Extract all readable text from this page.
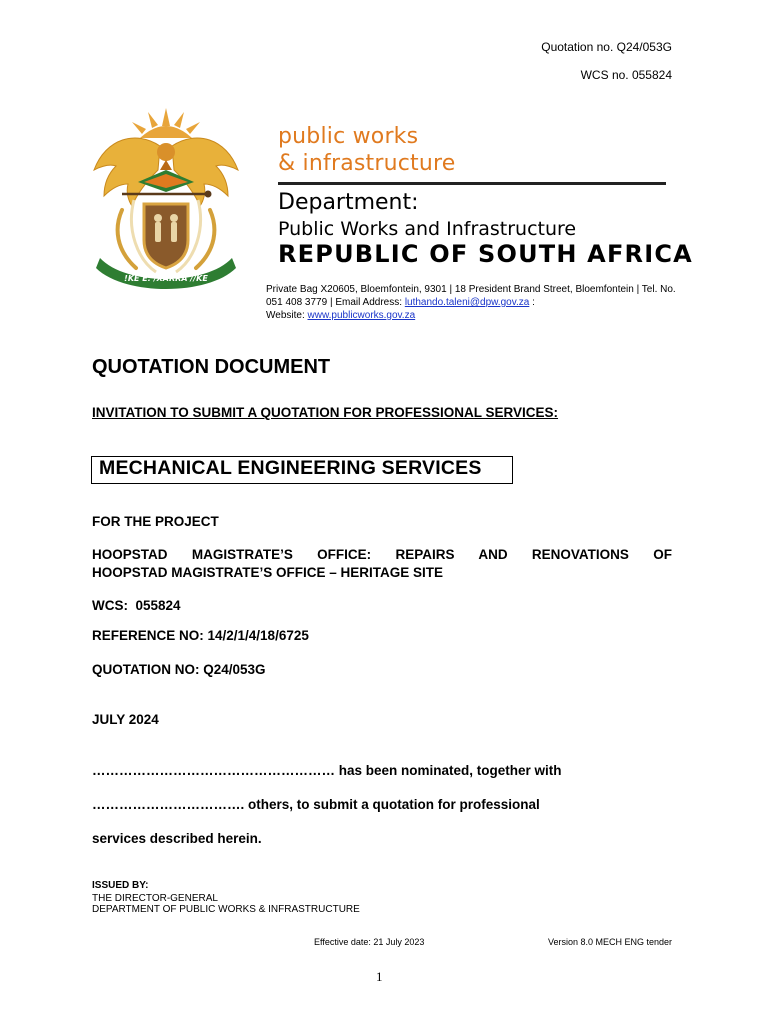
Quotation no. Q24/053G
WCS no. 055824
!KE E: /XARRA //KE
public works
& infrastructure
Department:
Public Works and Infrastructure
REPUBLIC OF SOUTH AFRICA
Private Bag X20605, Bloemfontein, 9301 | 18 President Brand Street, Bloemfontein | Tel. No. 051 408 3779 | Email Address: luthando.taleni@dpw.gov.za :
Website: www.publicworks.gov.za
QUOTATION DOCUMENT
INVITATION TO SUBMIT A QUOTATION FOR PROFESSIONAL SERVICES:
MECHANICAL ENGINEERING SERVICES
FOR THE PROJECT
HOOPSTAD MAGISTRATE’S OFFICE: REPAIRS AND RENOVATIONS OF
HOOPSTAD MAGISTRATE’S OFFICE – HERITAGE SITE
WCS:  055824
REFERENCE NO: 14/2/1/4/18/6725
QUOTATION NO: Q24/053G
JULY 2024
……………………………………………… has been nominated, together with
……………………………. others, to submit a quotation for professional
services described herein.
ISSUED BY:
THE DIRECTOR-GENERAL
DEPARTMENT OF PUBLIC WORKS & INFRASTRUCTURE
Effective date: 21 July 2023	Version 8.0 MECH ENG tender
1
